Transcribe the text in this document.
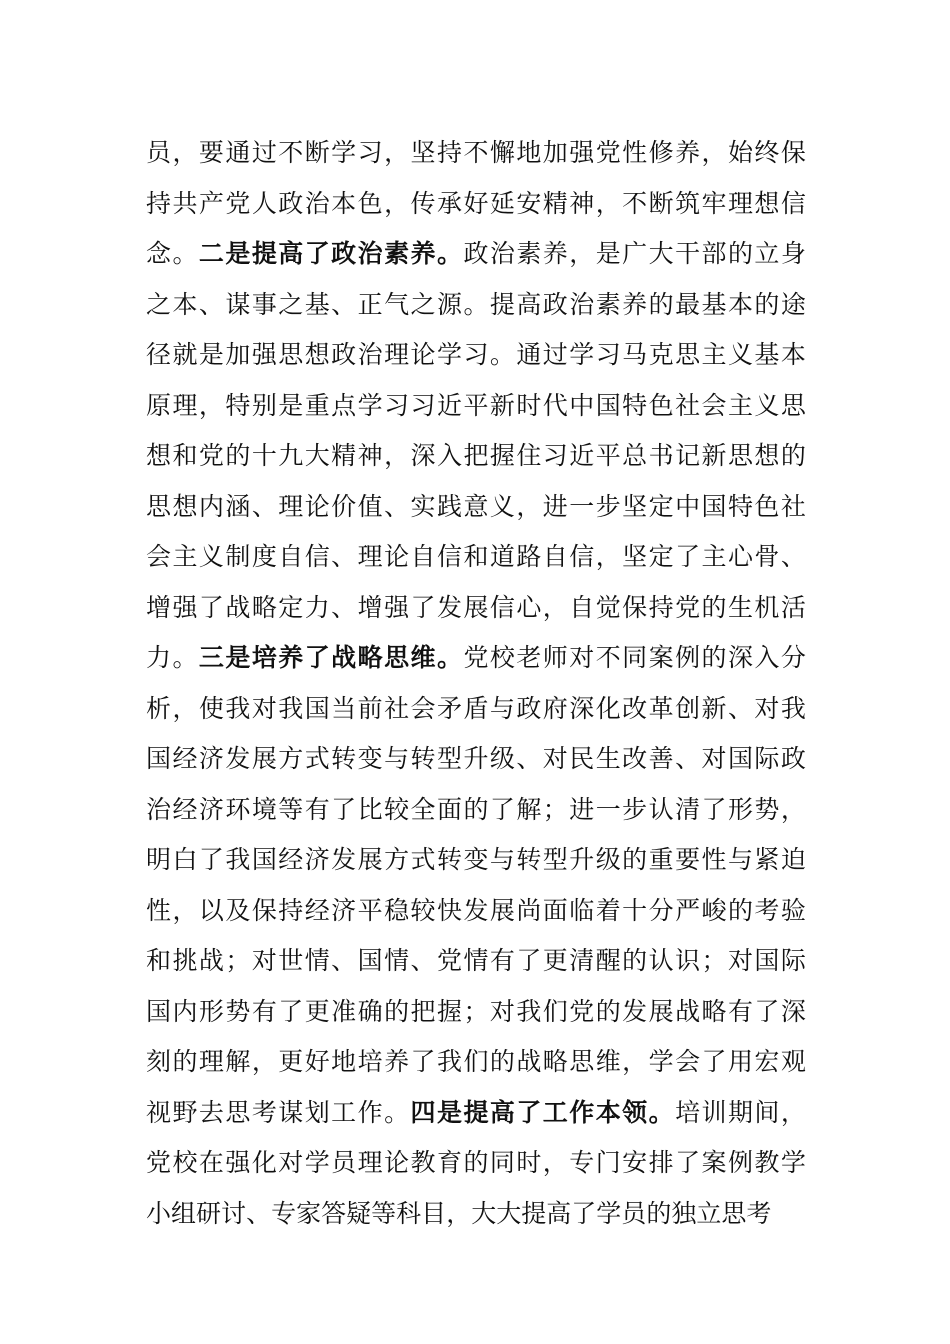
员 ， 要 通 过 不 断 学 习 ， 坚 持 不 懈 地 加 强 党 性 修 养 ， 始 终 保
持 共 产 党 人 政 治 本 色 ， 传 承 好 延 安 精 神 ， 不 断 筑 牢 理 想 信
念 。 二 是 提 高 了 政 治 素 养 。 政 治 素 养 ， 是 广 大 干 部 的 立 身
之 本 、 谋 事 之 基 、 正 气 之 源 。 提 高 政 治 素 养 的 最 基 本 的 途
径 就 是 加 强 思 想 政 治 理 论 学 习 。 通 过 学 习 马 克 思 主 义 基 本
原 理 ， 特 别 是 重 点 学 习 习 近 平 新 时 代 中 国 特 色 社 会 主 义 思
想 和 党 的 十 九 大 精 神 ， 深 入 把 握 住 习 近 平 总 书 记 新 思 想 的
思 想 内 涵 、 理 论 价 值 、 实 践 意 义 ， 进 一 步 坚 定 中 国 特 色 社
会 主 义 制 度 自 信 、 理 论 自 信 和 道 路 自 信 ， 坚 定 了 主 心 骨 、
增 强 了 战 略 定 力 、 增 强 了 发 展 信 心 ， 自 觉 保 持 党 的 生 机 活
力 。 三 是 培 养 了 战 略 思 维 。 党 校 老 师 对 不 同 案 例 的 深 入 分
析 ， 使 我 对 我 国 当 前 社 会 矛 盾 与 政 府 深 化 改 革 创 新 、 对 我
国 经 济 发 展 方 式 转 变 与 转 型 升 级 、 对 民 生 改 善 、 对 国 际 政
治 经 济 环 境 等 有 了 比 较 全 面 的 了 解 ； 进 一 步 认 清 了 形 势 ，
明 白 了 我 国 经 济 发 展 方 式 转 变 与 转 型 升 级 的 重 要 性 与 紧 迫
性 ， 以 及 保 持 经 济 平 稳 较 快 发 展 尚 面 临 着 十 分 严 峻 的 考 验
和 挑 战 ； 对 世 情 、 国 情 、 党 情 有 了 更 清 醒 的 认 识 ； 对 国 际
国 内 形 势 有 了 更 准 确 的 把 握 ； 对 我 们 党 的 发 展 战 略 有 了 深
刻 的 理 解 ， 更 好 地 培 养 了 我 们 的 战 略 思 维 ， 学 会 了 用 宏 观
视 野 去 思 考 谋 划 工 作 。 四 是 提 高 了 工 作 本 领 。 培 训 期 间 ，
党 校 在 强 化 对 学 员 理 论 教 育 的 同 时 ， 专 门 安 排 了 案 例 教 学
小 组 研 讨 、 专 家 答 疑 等 科 目 ， 大 大 提 高 了 学 员 的 独 立 思 考
